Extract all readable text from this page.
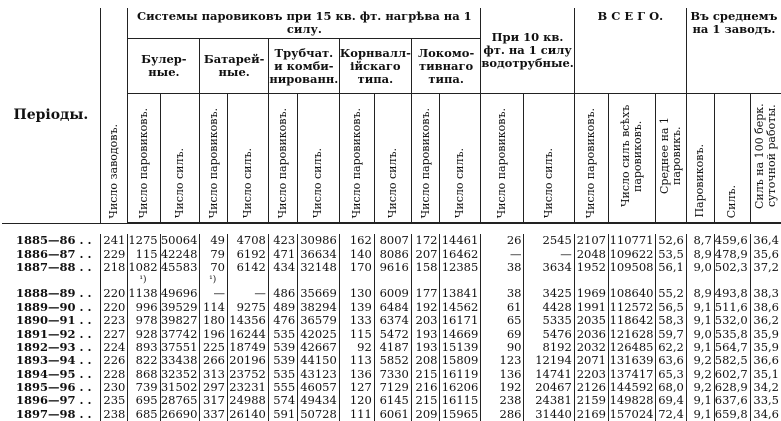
Періоды.	Число заводовъ.	Системы паровиковъ при 15 кв. фт. нагрѣва на 1 силу.										При 10 кв. фт. на 1 силу водотрубные.		В С Е Г О.			Въ среднемъ на 1 заводъ.		
		Булер- ные.		Батарей- ные.		Трубчат. и комби- нированн.		Корнвалл-ійскаго типа.		Локомо- тивнаго типа.									

		Число паровиковъ.	Число силъ.	Число паровиковъ.	Число силъ.	Число паровиковъ.	Число силъ.	Число паровиковъ.	Число силъ.	Число паровиковъ.	Число силъ.	Число паровиковъ.	Число силъ.	Число паровиковъ.	Число силъ всѣхъ паровиковъ.	Среднее на 1 паровикъ.	Паровиковъ.	Силъ.	Силъ на 100 берк. суточной работы.

1885—86 . .	241	1275	50064	49	4708	423	30986	162	8007	172	14461	26	2545	2107	110771	52,6	8,7	459,6	36,4
1886—87 . .	229	115	42248	79	6192	471	36634	140	8086	207	16462	—	—	2048	109622	53,5	8,9	478,9	35,6
1887—88 . .	218	1082	45583	70	6142	434	32148	170	9616	158	12385	38	3634	1952	109508	56,1	9,0	502,3	37,2
		¹)		¹)															
1888—89 . .	220	1138	49696	—	—	486	35669	130	6009	177	13841	38	3425	1969	108640	55,2	8,9	493,8	38,3
1889—90 . .	220	996	39529	114	9275	489	38294	139	6484	192	14562	61	4428	1991	112572	56,5	9,1	511,6	38,6
1890—91 . .	223	978	39827	180	14356	476	36579	133	6374	203	16171	65	5335	2035	118642	58,3	9,1	532,0	36,2
1891—92 . .	227	928	37742	196	16244	535	42025	115	5472	193	14669	69	5476	2036	121628	59,7	9,0	535,8	35,9
1892—93 . .	224	893	37551	225	18749	539	42667	92	4187	193	15139	90	8192	2032	126485	62,2	9,1	564,7	35,9
1893—94 . .	226	822	33438	266	20196	539	44150	113	5852	208	15809	123	12194	2071	131639	63,6	9,2	582,5	36,6
1894—95 . .	228	868	32352	313	23752	535	43123	136	7330	215	16119	136	14741	2203	137417	65,3	9,2	602,7	35,1
1895—96 . .	230	739	31502	297	23231	555	46057	127	7129	216	16206	192	20467	2126	144592	68,0	9,2	628,9	34,2
1896—97 . .	235	695	28765	317	24988	574	49434	120	6145	215	16115	238	24381	2159	149828	69,4	9,1	637,6	33,5
1897—98 . .	238	685	26690	337	26140	591	50728	111	6061	209	15965	286	31440	2169	157024	72,4	9,1	659,8	34,6
